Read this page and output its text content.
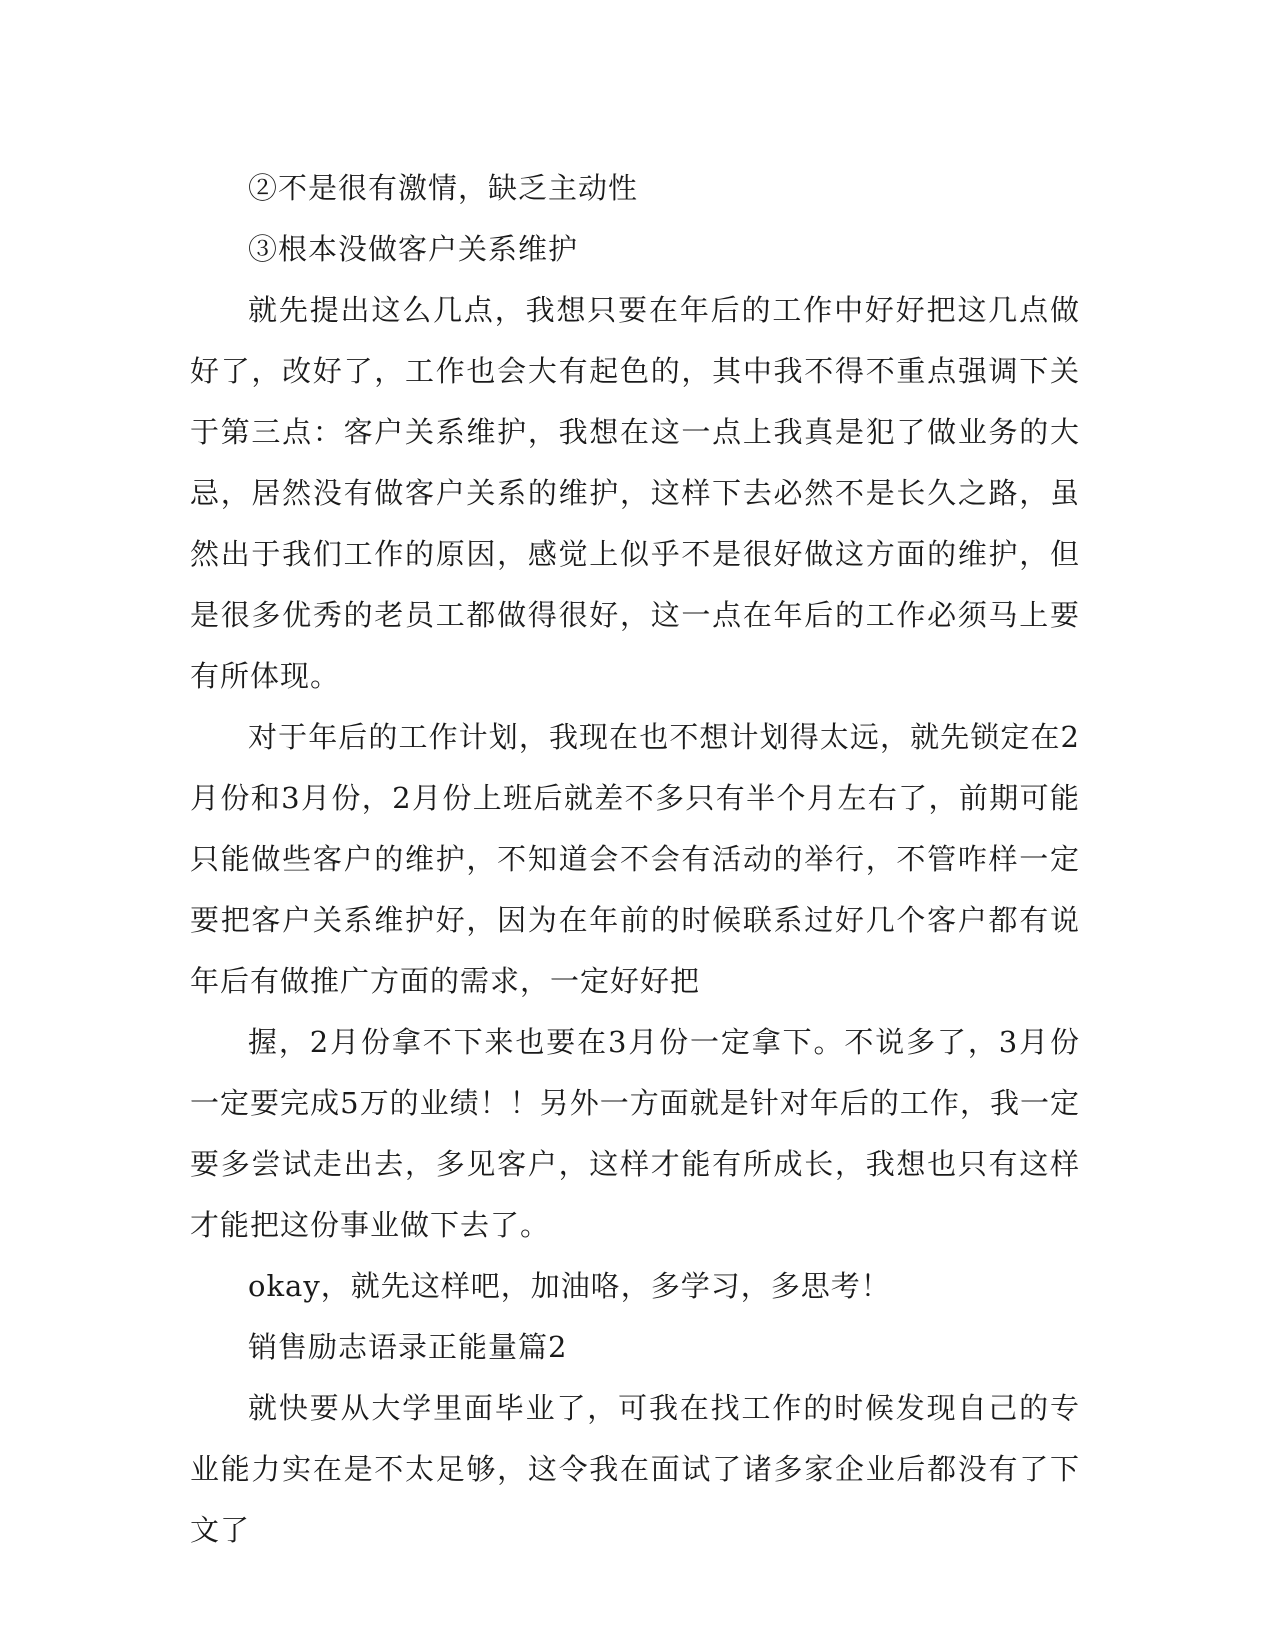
②不是很有激情，缺乏主动性

③根本没做客户关系维护

就先提出这么几点，我想只要在年后的工作中好好把这几点做好了，改好了，工作也会大有起色的，其中我不得不重点强调下关于第三点：客户关系维护，我想在这一点上我真是犯了做业务的大忌，居然没有做客户关系的维护，这样下去必然不是长久之路，虽然出于我们工作的原因，感觉上似乎不是很好做这方面的维护，但是很多优秀的老员工都做得很好，这一点在年后的工作必须马上要有所体现。

对于年后的工作计划，我现在也不想计划得太远，就先锁定在2月份和3月份，2月份上班后就差不多只有半个月左右了，前期可能只能做些客户的维护，不知道会不会有活动的举行，不管咋样一定要把客户关系维护好，因为在年前的时候联系过好几个客户都有说年后有做推广方面的需求，一定好好把

握，2月份拿不下来也要在3月份一定拿下。不说多了，3月份一定要完成5万的业绩！！另外一方面就是针对年后的工作，我一定要多尝试走出去，多见客户，这样才能有所成长，我想也只有这样才能把这份事业做下去了。

okay，就先这样吧，加油咯，多学习，多思考！

销售励志语录正能量篇2

就快要从大学里面毕业了，可我在找工作的时候发现自己的专业能力实在是不太足够，这令我在面试了诸多家企业后都没有了下文了
